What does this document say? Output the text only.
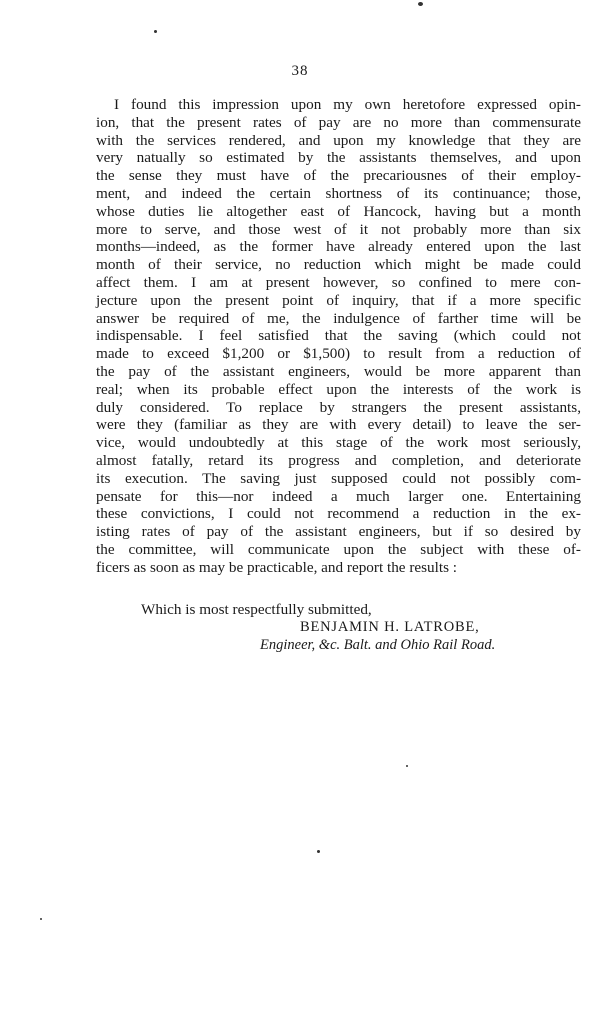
38
I found this impression upon my own heretofore expressed opin-
ion, that the present rates of pay are no more than commensurate
with the services rendered, and upon my knowledge that they are
very natually so estimated by the assistants themselves, and upon
the sense they must have of the precariousnes of their employ-
ment, and indeed the certain shortness of its continuance; those,
whose duties lie altogether east of Hancock, having but a month
more to serve, and those west of it not probably more than six
months—indeed, as the former have already entered upon the last
month of their service, no reduction which might be made could
affect them. I am at present however, so confined to mere con-
jecture upon the present point of inquiry, that if a more specific
answer be required of me, the indulgence of farther time will be
indispensable. I feel satisfied that the saving (which could not
made to exceed $1,200 or $1,500) to result from a reduction of
the pay of the assistant engineers, would be more apparent than
real; when its probable effect upon the interests of the work is
duly considered. To replace by strangers the present assistants,
were they (familiar as they are with every detail) to leave the ser-
vice, would undoubtedly at this stage of the work most seriously,
almost fatally, retard its progress and completion, and deteriorate
its execution. The saving just supposed could not possibly com-
pensate for this—nor indeed a much larger one. Entertaining
these convictions, I could not recommend a reduction in the ex-
isting rates of pay of the assistant engineers, but if so desired by
the committee, will communicate upon the subject with these of-
ficers as soon as may be practicable, and report the results :
Which is most respectfully submitted,
BENJAMIN H. LATROBE,
Engineer, &c. Balt. and Ohio Rail Road.
